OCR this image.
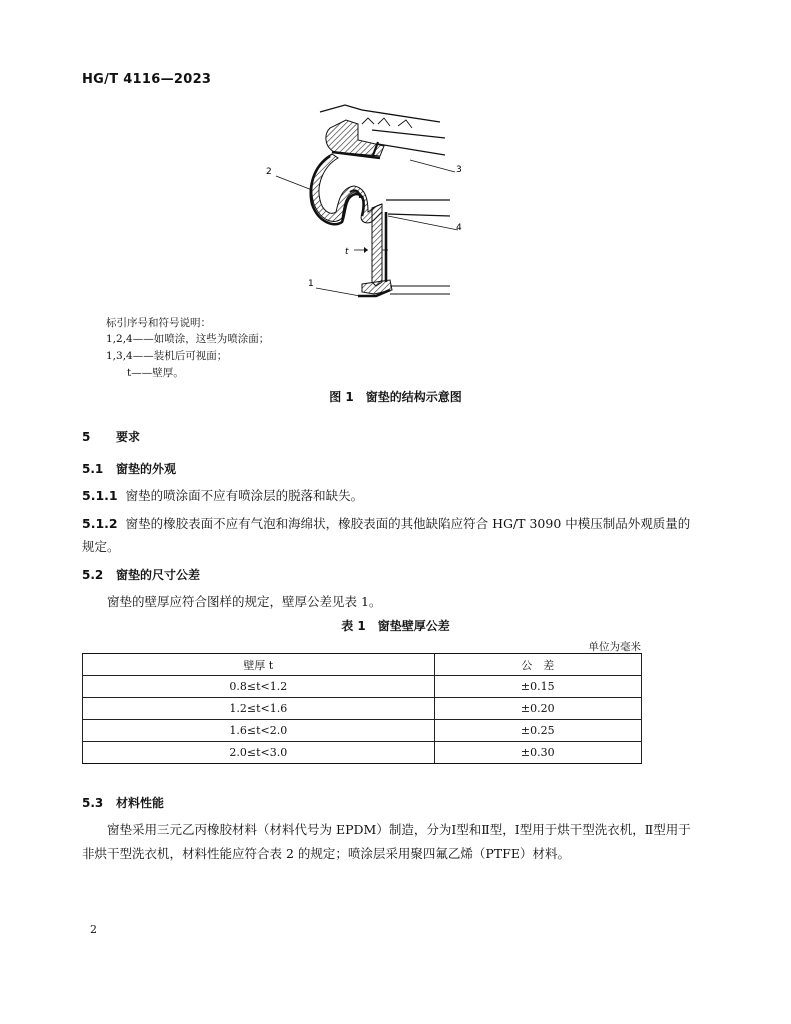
HG/T 4116—2023
2	3
4
1
t
标引序号和符号说明：
1,2,4——如喷涂，这些为喷涂面；
1,3,4——装机后可视面；
t——壁厚。
图 1　窗垫的结构示意图
5 要求
5.1 窗垫的外观
5.1.1 窗垫的喷涂面不应有喷涂层的脱落和缺失。
5.1.2 窗垫的橡胶表面不应有气泡和海绵状，橡胶表面的其他缺陷应符合 HG/T 3090 中模压制品外观质量的规定。
5.2 窗垫的尺寸公差
窗垫的壁厚应符合图样的规定，壁厚公差见表 1。
表 1　窗垫壁厚公差
单位为毫米
壁厚 t	公　差
0.8≤t<1.2	±0.15
1.2≤t<1.6	±0.20
1.6≤t<2.0	±0.25
2.0≤t<3.0	±0.30
5.3 材料性能
窗垫采用三元乙丙橡胶材料（材料代号为 EPDM）制造，分为Ⅰ型和Ⅱ型，Ⅰ型用于烘干型洗衣机，Ⅱ型用于非烘干型洗衣机，材料性能应符合表 2 的规定；喷涂层采用聚四氟乙烯（PTFE）材料。
2
